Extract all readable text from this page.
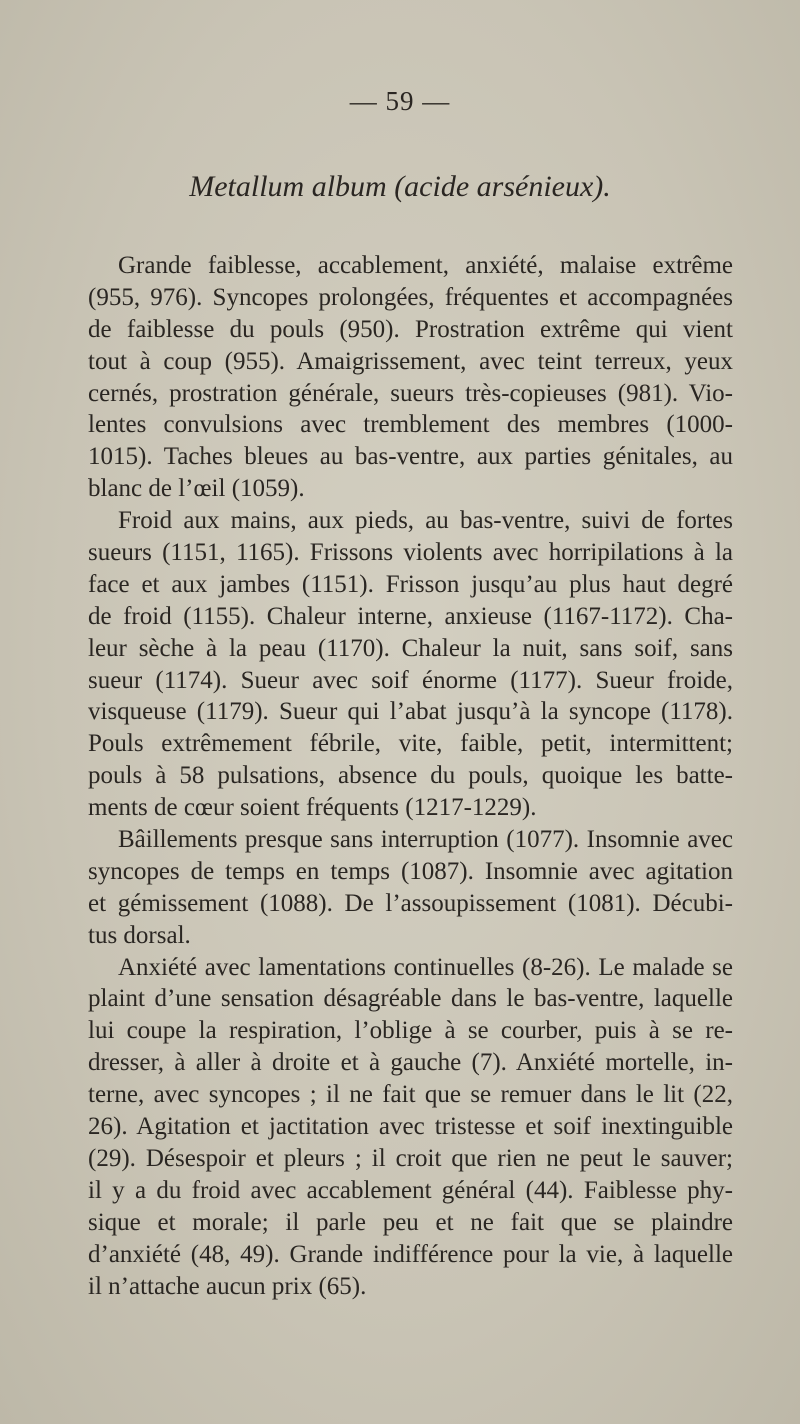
— 59 —
Metallum album (acide arsénieux).

Grande faiblesse, accablement, anxiété, malaise extrême

(955, 976). Syncopes prolongées, fréquentes et accompagnées

de faiblesse du pouls (950). Prostration extrême qui vient

tout à coup (955). Amaigrissement, avec teint terreux, yeux

cernés, prostration générale, sueurs très-copieuses (981). Vio-

lentes convulsions avec tremblement des membres (1000-

1015). Taches bleues au bas-ventre, aux parties génitales, au

blanc de l’œil (1059).

Froid aux mains, aux pieds, au bas-ventre, suivi de fortes

sueurs (1151, 1165). Frissons violents avec horripilations à la

face et aux jambes (1151). Frisson jusqu’au plus haut degré

de froid (1155). Chaleur interne, anxieuse (1167-1172). Cha-

leur sèche à la peau (1170). Chaleur la nuit, sans soif, sans

sueur (1174). Sueur avec soif énorme (1177). Sueur froide,

visqueuse (1179). Sueur qui l’abat jusqu’à la syncope (1178).

Pouls extrêmement fébrile, vite, faible, petit, intermittent;

pouls à 58 pulsations, absence du pouls, quoique les batte-

ments de cœur soient fréquents (1217-1229).

Bâillements presque sans interruption (1077). Insomnie avec

syncopes de temps en temps (1087). Insomnie avec agitation

et gémissement (1088). De l’assoupissement (1081). Décubi-

tus dorsal.

Anxiété avec lamentations continuelles (8-26). Le malade se

plaint d’une sensation désagréable dans le bas-ventre, laquelle

lui coupe la respiration, l’oblige à se courber, puis à se re-

dresser, à aller à droite et à gauche (7). Anxiété mortelle, in-

terne, avec syncopes ; il ne fait que se remuer dans le lit (22,

26). Agitation et jactitation avec tristesse et soif inextinguible

(29). Désespoir et pleurs ; il croit que rien ne peut le sauver;

il y a du froid avec accablement général (44). Faiblesse phy-

sique et morale; il parle peu et ne fait que se plaindre

d’anxiété (48, 49). Grande indifférence pour la vie, à laquelle

il n’attache aucun prix (65).
